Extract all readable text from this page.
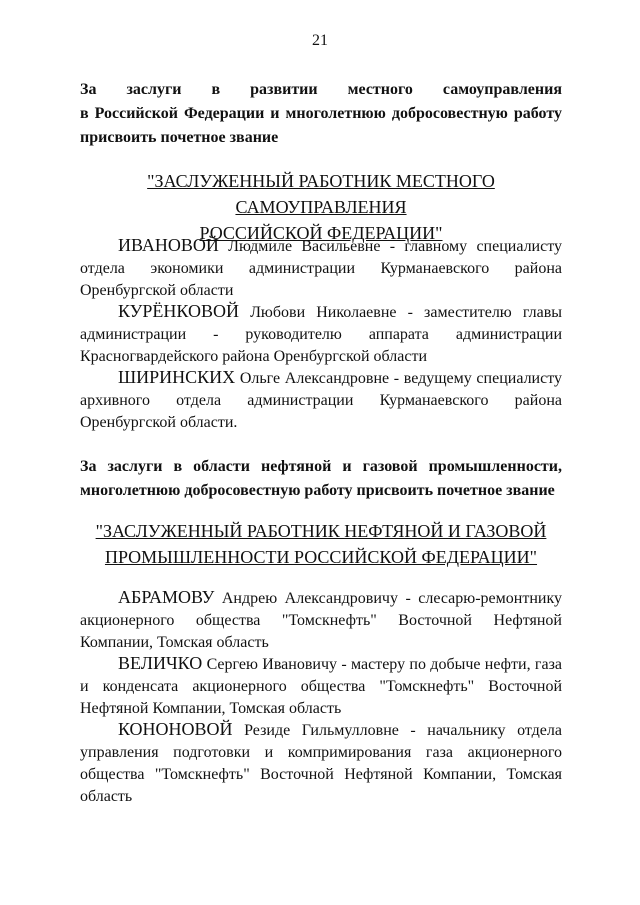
21
За заслуги в развитии местного самоуправления
в Российской Федерации и многолетнюю добросовестную работу
присвоить почетное звание
"ЗАСЛУЖЕННЫЙ РАБОТНИК МЕСТНОГО САМОУПРАВЛЕНИЯ
РОССИЙСКОЙ ФЕДЕРАЦИИ"
ИВАНОВОЙ Людмиле Васильевне - главному специалисту
отдела экономики администрации Курманаевского района
Оренбургской области
КУРЁНКОВОЙ Любови Николаевне - заместителю главы
администрации - руководителю аппарата администрации
Красногвардейского района Оренбургской области
ШИРИНСКИХ Ольге Александровне - ведущему специалисту
архивного отдела администрации Курманаевского района
Оренбургской области.
За заслуги в области нефтяной и газовой промышленности,
многолетнюю добросовестную работу присвоить почетное звание
"ЗАСЛУЖЕННЫЙ РАБОТНИК НЕФТЯНОЙ И ГАЗОВОЙ
ПРОМЫШЛЕННОСТИ РОССИЙСКОЙ ФЕДЕРАЦИИ"
АБРАМОВУ Андрею Александровичу - слесарю-ремонтнику
акционерного общества "Томскнефть" Восточной Нефтяной
Компании, Томская область
ВЕЛИЧКО Сергею Ивановичу - мастеру по добыче нефти, газа
и конденсата акционерного общества "Томскнефть" Восточной
Нефтяной Компании, Томская область
КОНОНОВОЙ Резиде Гильмулловне - начальнику отдела
управления подготовки и компримирования газа акционерного
общества "Томскнефть" Восточной Нефтяной Компании, Томская
область
